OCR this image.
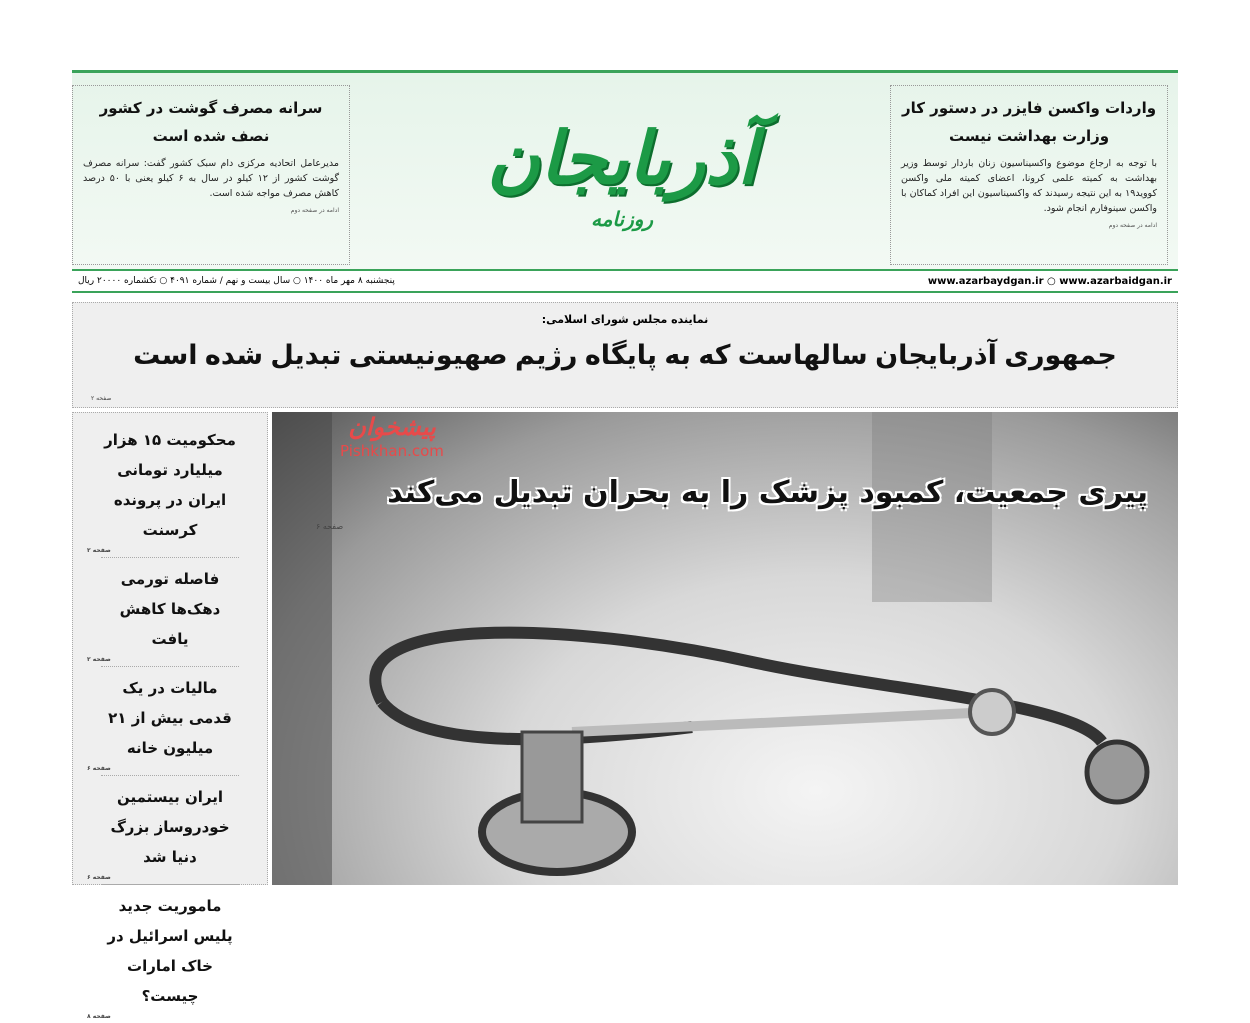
واردات واکسن فایزر در دستور کار وزارت بهداشت نیست

با توجه به ارجاع موضوع واکسیناسیون زنان باردار توسط وزیر بهداشت به کمیته علمی کرونا، اعضای کمیته ملی واکسن کووید۱۹ به این نتیجه رسیدند که واکسیناسیون این افراد کماکان با واکسن سینوفارم انجام شود.

ادامه در صفحه دوم
آذربایجان
روزنامه
سرانه مصرف گوشت در کشور نصف شده است

مدیرعامل اتحادیه مرکزی دام سبک کشور گفت: سرانه مصرف گوشت کشور از ۱۲ کیلو در سال به ۶ کیلو یعنی با ۵۰ درصد کاهش مصرف مواجه شده است.

ادامه در صفحه دوم
www.azarbaydgan.ir ○ www.azarbaidgan.ir
پنجشنبه ۸ مهر ماه ۱۴۰۰ ○ سال بیست و نهم / شماره ۴۰۹۱ ○ تکشماره ۲۰۰۰۰ ریال
نماینده مجلس شورای اسلامی:
جمهوری آذربایجان سالهاست که به پایگاه رژیم صهیونیستی تبدیل شده است
صفحه ۲
پیشخوان
Pishkhan.com
پیری جمعیت، کمبود پزشک را به بحران تبدیل می‌کند
صفحه ۶
محکومیت ۱۵ هزار میلیارد تومانی ایران در پرونده کرسنت
صفحه ۲
فاصله تورمی دهک‌ها کاهش یافت
صفحه ۲
مالیات در یک قدمی بیش از ۲۱ میلیون خانه
صفحه ۶
ایران بیستمین خودروساز بزرگ دنیا شد
صفحه ۶
ماموریت جدید پلیس اسرائیل در خاک امارات چیست؟
صفحه ۸
